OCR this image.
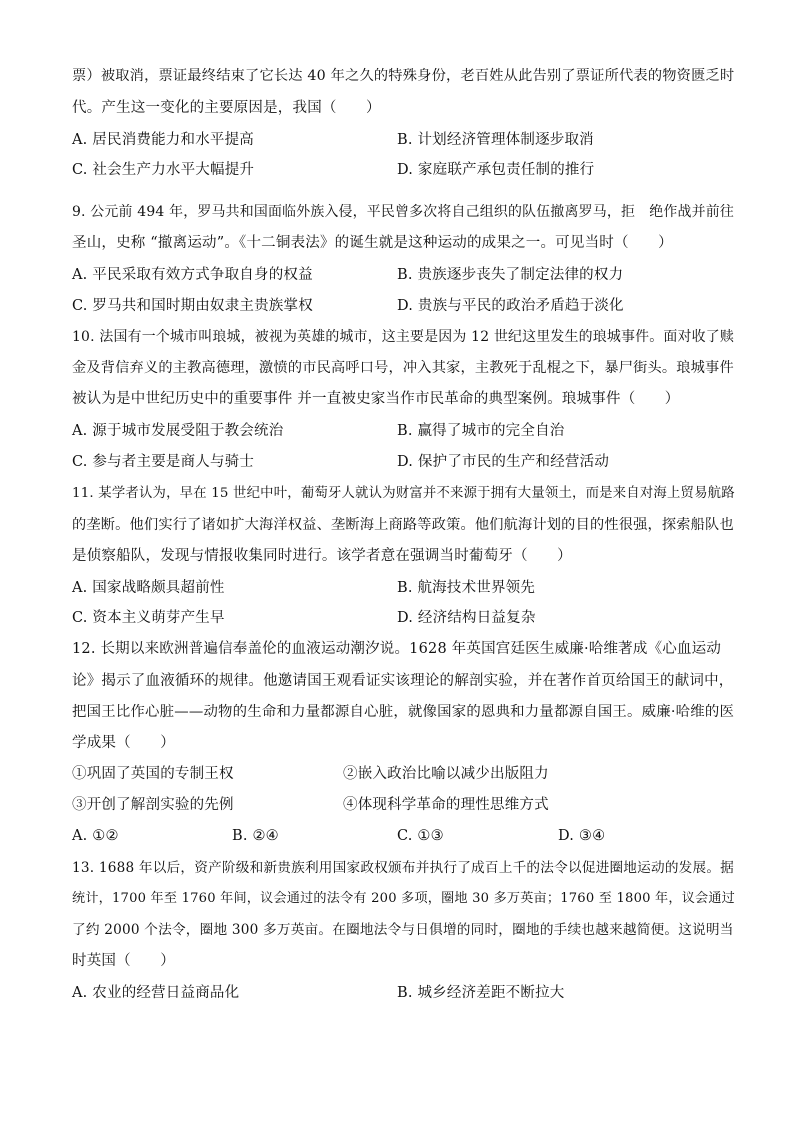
票）被取消，票证最终结束了它长达 40 年之久的特殊身份，老百姓从此告别了票证所代表的物资匮乏时
代。产生这一变化的主要原因是，我国（　　）
A. 居民消费能力和水平提高	B. 计划经济管理体制逐步取消
C. 社会生产力水平大幅提升	D. 家庭联产承包责任制的推行
9. 公元前 494 年，罗马共和国面临外族入侵，平民曾多次将自己组织的队伍撤离罗马，拒　绝作战并前往
圣山，史称 “撤离运动”。《十二铜表法》的诞生就是这种运动的成果之一。可见当时（　　）
A. 平民采取有效方式争取自身的权益	B. 贵族逐步丧失了制定法律的权力
C. 罗马共和国时期由奴隶主贵族掌权	D. 贵族与平民的政治矛盾趋于淡化
10. 法国有一个城市叫琅城，被视为英雄的城市，这主要是因为 12 世纪这里发生的琅城事件。面对收了赎
金及背信弃义的主教高德理，激愤的市民高呼口号，冲入其家，主教死于乱棍之下，暴尸街头。琅城事件
被认为是中世纪历史中的重要事件 并一直被史家当作市民革命的典型案例。琅城事件（　　）
A. 源于城市发展受阻于教会统治	B. 赢得了城市的完全自治
C. 参与者主要是商人与骑士	D. 保护了市民的生产和经营活动
11. 某学者认为，早在 15 世纪中叶，葡萄牙人就认为财富并不来源于拥有大量领土，而是来自对海上贸易航路
的垄断。他们实行了诸如扩大海洋权益、垄断海上商路等政策。他们航海计划的目的性很强，探索船队也
是侦察船队，发现与情报收集同时进行。该学者意在强调当时葡萄牙（　　）
A. 国家战略颇具超前性	B. 航海技术世界领先
C. 资本主义萌芽产生早	D. 经济结构日益复杂
12. 长期以来欧洲普遍信奉盖伦的血液运动潮汐说。1628 年英国宫廷医生威廉·哈维著成《心血运动
论》揭示了血液循环的规律。他邀请国王观看证实该理论的解剖实验，并在著作首页给国王的献词中，
把国王比作心脏——动物的生命和力量都源自心脏，就像国家的恩典和力量都源自国王。威廉·哈维的医
学成果（　　）
①巩固了英国的专制王权	②嵌入政治比喻以减少出版阻力
③开创了解剖实验的先例	④体现科学革命的理性思维方式
A. ①②	B. ②④	C. ①③	D. ③④
13. 1688 年以后，资产阶级和新贵族利用国家政权颁布并执行了成百上千的法令以促进圈地运动的发展。据
统计，1700 年至 1760 年间，议会通过的法令有 200 多项，圈地 30 多万英亩；1760 至 1800 年，议会通过
了约 2000 个法令，圈地 300 多万英亩。在圈地法令与日俱增的同时，圈地的手续也越来越简便。这说明当
时英国（　　）
A. 农业的经营日益商品化	B. 城乡经济差距不断拉大
